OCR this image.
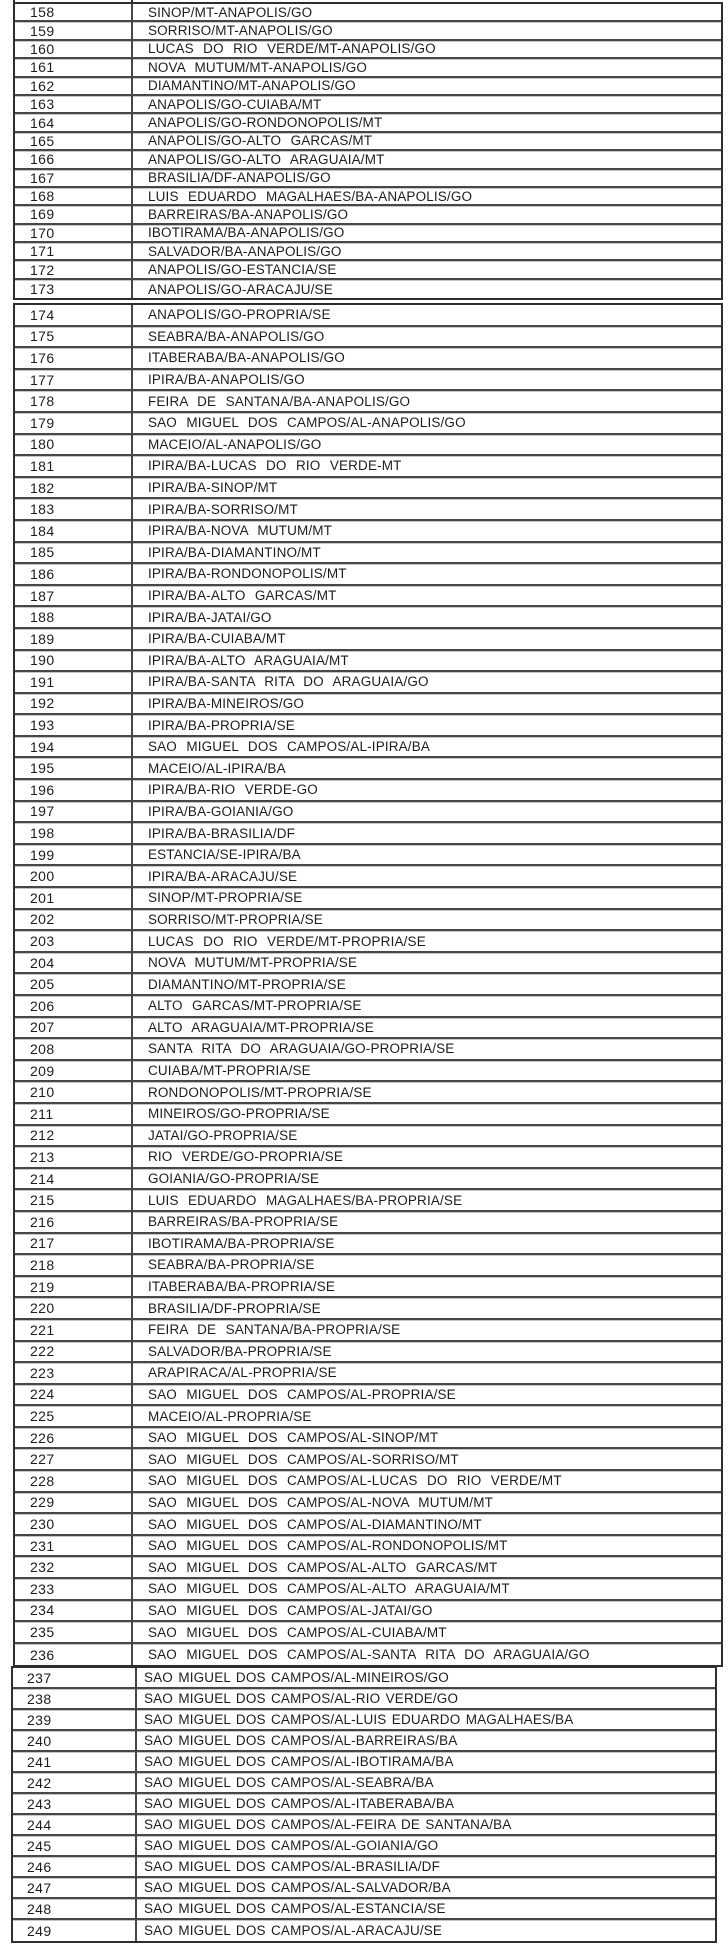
158	SINOP/MT-ANAPOLIS/GO
159	SORRISO/MT-ANAPOLIS/GO
160	LUCAS DO RIO VERDE/MT-ANAPOLIS/GO
161	NOVA MUTUM/MT-ANAPOLIS/GO
162	DIAMANTINO/MT-ANAPOLIS/GO
163	ANAPOLIS/GO-CUIABA/MT
164	ANAPOLIS/GO-RONDONOPOLIS/MT
165	ANAPOLIS/GO-ALTO GARCAS/MT
166	ANAPOLIS/GO-ALTO ARAGUAIA/MT
167	BRASILIA/DF-ANAPOLIS/GO
168	LUIS EDUARDO MAGALHAES/BA-ANAPOLIS/GO
169	BARREIRAS/BA-ANAPOLIS/GO
170	IBOTIRAMA/BA-ANAPOLIS/GO
171	SALVADOR/BA-ANAPOLIS/GO
172	ANAPOLIS/GO-ESTANCIA/SE
173	ANAPOLIS/GO-ARACAJU/SE
174	ANAPOLIS/GO-PROPRIA/SE
175	SEABRA/BA-ANAPOLIS/GO
176	ITABERABA/BA-ANAPOLIS/GO
177	IPIRA/BA-ANAPOLIS/GO
178	FEIRA DE SANTANA/BA-ANAPOLIS/GO
179	SAO MIGUEL DOS CAMPOS/AL-ANAPOLIS/GO
180	MACEIO/AL-ANAPOLIS/GO
181	IPIRA/BA-LUCAS DO RIO VERDE-MT
182	IPIRA/BA-SINOP/MT
183	IPIRA/BA-SORRISO/MT
184	IPIRA/BA-NOVA MUTUM/MT
185	IPIRA/BA-DIAMANTINO/MT
186	IPIRA/BA-RONDONOPOLIS/MT
187	IPIRA/BA-ALTO GARCAS/MT
188	IPIRA/BA-JATAI/GO
189	IPIRA/BA-CUIABA/MT
190	IPIRA/BA-ALTO ARAGUAIA/MT
191	IPIRA/BA-SANTA RITA DO ARAGUAIA/GO
192	IPIRA/BA-MINEIROS/GO
193	IPIRA/BA-PROPRIA/SE
194	SAO MIGUEL DOS CAMPOS/AL-IPIRA/BA
195	MACEIO/AL-IPIRA/BA
196	IPIRA/BA-RIO VERDE-GO
197	IPIRA/BA-GOIANIA/GO
198	IPIRA/BA-BRASILIA/DF
199	ESTANCIA/SE-IPIRA/BA
200	IPIRA/BA-ARACAJU/SE
201	SINOP/MT-PROPRIA/SE
202	SORRISO/MT-PROPRIA/SE
203	LUCAS DO RIO VERDE/MT-PROPRIA/SE
204	NOVA MUTUM/MT-PROPRIA/SE
205	DIAMANTINO/MT-PROPRIA/SE
206	ALTO GARCAS/MT-PROPRIA/SE
207	ALTO ARAGUAIA/MT-PROPRIA/SE
208	SANTA RITA DO ARAGUAIA/GO-PROPRIA/SE
209	CUIABA/MT-PROPRIA/SE
210	RONDONOPOLIS/MT-PROPRIA/SE
211	MINEIROS/GO-PROPRIA/SE
212	JATAI/GO-PROPRIA/SE
213	RIO VERDE/GO-PROPRIA/SE
214	GOIANIA/GO-PROPRIA/SE
215	LUIS EDUARDO MAGALHAES/BA-PROPRIA/SE
216	BARREIRAS/BA-PROPRIA/SE
217	IBOTIRAMA/BA-PROPRIA/SE
218	SEABRA/BA-PROPRIA/SE
219	ITABERABA/BA-PROPRIA/SE
220	BRASILIA/DF-PROPRIA/SE
221	FEIRA DE SANTANA/BA-PROPRIA/SE
222	SALVADOR/BA-PROPRIA/SE
223	ARAPIRACA/AL-PROPRIA/SE
224	SAO MIGUEL DOS CAMPOS/AL-PROPRIA/SE
225	MACEIO/AL-PROPRIA/SE
226	SAO MIGUEL DOS CAMPOS/AL-SINOP/MT
227	SAO MIGUEL DOS CAMPOS/AL-SORRISO/MT
228	SAO MIGUEL DOS CAMPOS/AL-LUCAS DO RIO VERDE/MT
229	SAO MIGUEL DOS CAMPOS/AL-NOVA MUTUM/MT
230	SAO MIGUEL DOS CAMPOS/AL-DIAMANTINO/MT
231	SAO MIGUEL DOS CAMPOS/AL-RONDONOPOLIS/MT
232	SAO MIGUEL DOS CAMPOS/AL-ALTO GARCAS/MT
233	SAO MIGUEL DOS CAMPOS/AL-ALTO ARAGUAIA/MT
234	SAO MIGUEL DOS CAMPOS/AL-JATAI/GO
235	SAO MIGUEL DOS CAMPOS/AL-CUIABA/MT
236	SAO MIGUEL DOS CAMPOS/AL-SANTA RITA DO ARAGUAIA/GO
237	SAO MIGUEL DOS CAMPOS/AL-MINEIROS/GO
238	SAO MIGUEL DOS CAMPOS/AL-RIO VERDE/GO
239	SAO MIGUEL DOS CAMPOS/AL-LUIS EDUARDO MAGALHAES/BA
240	SAO MIGUEL DOS CAMPOS/AL-BARREIRAS/BA
241	SAO MIGUEL DOS CAMPOS/AL-IBOTIRAMA/BA
242	SAO MIGUEL DOS CAMPOS/AL-SEABRA/BA
243	SAO MIGUEL DOS CAMPOS/AL-ITABERABA/BA
244	SAO MIGUEL DOS CAMPOS/AL-FEIRA DE SANTANA/BA
245	SAO MIGUEL DOS CAMPOS/AL-GOIANIA/GO
246	SAO MIGUEL DOS CAMPOS/AL-BRASILIA/DF
247	SAO MIGUEL DOS CAMPOS/AL-SALVADOR/BA
248	SAO MIGUEL DOS CAMPOS/AL-ESTANCIA/SE
249	SAO MIGUEL DOS CAMPOS/AL-ARACAJU/SE
